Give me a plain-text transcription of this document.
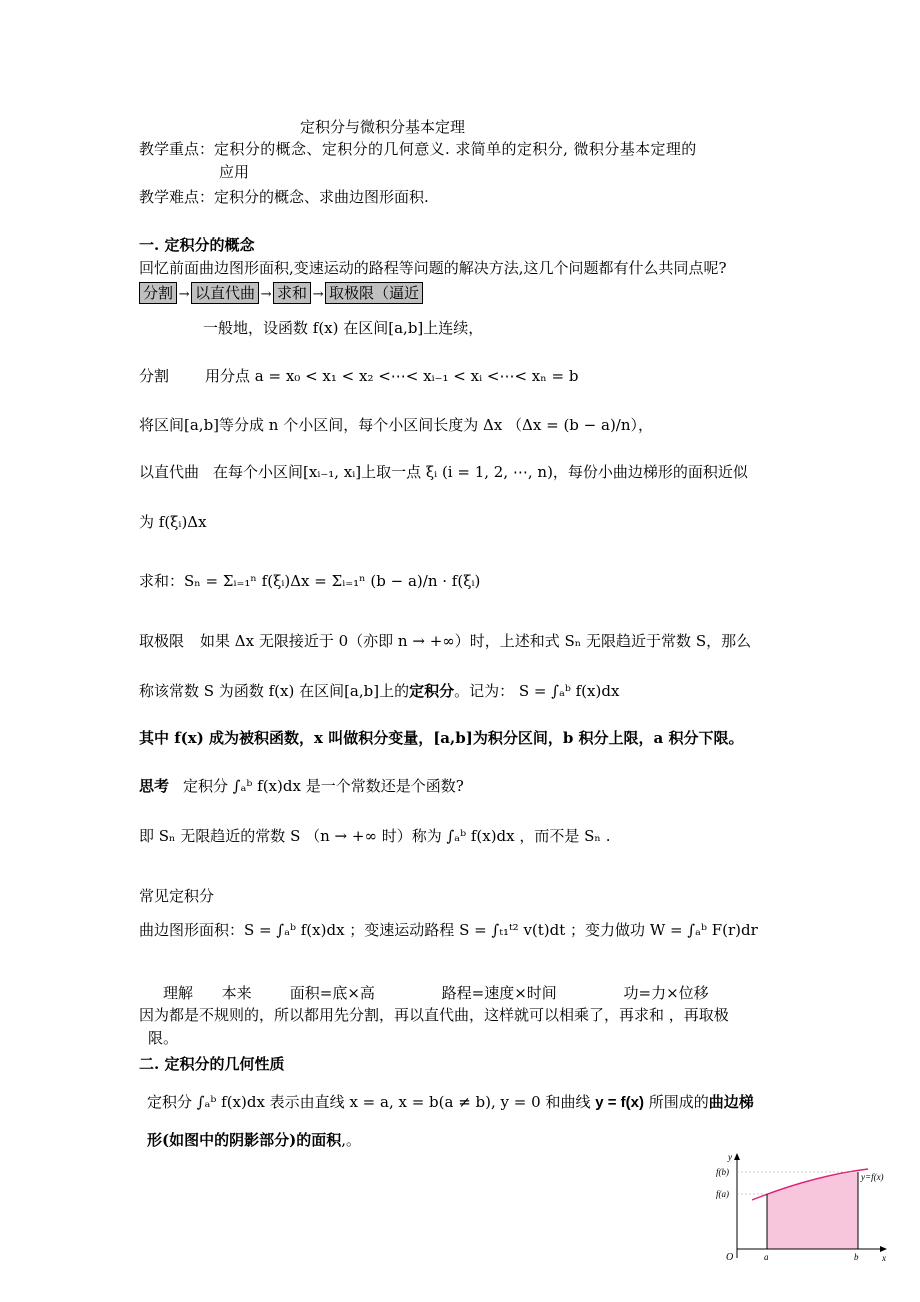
定积分与微积分基本定理
教学重点：定积分的概念、定积分的几何意义. 求简单的定积分, 微积分基本定理的
应用
教学难点：定积分的概念、求曲边图形面积.
一. 定积分的概念
回忆前面曲边图形面积,变速运动的路程等问题的解决方法,这几个问题都有什么共同点呢?
分割 → 以直代曲 → 求和 → 取极限（逼近
一般地，设函数 f(x) 在区间[a,b]上连续，
分割 用分点 a = x₀ < x₁ < x₂ <⋯< xᵢ₋₁ < xᵢ <⋯< xₙ = b
将区间[a,b]等分成 n 个小区间，每个小区间长度为 Δx （Δx = (b − a)/n），
以直代曲 在每个小区间[xᵢ₋₁, xᵢ]上取一点 ξᵢ (i = 1, 2, ⋯, n)，每份小曲边梯形的面积近似
为 f(ξᵢ)Δx
求和：Sₙ = Σᵢ₌₁ⁿ f(ξᵢ)Δx = Σᵢ₌₁ⁿ (b − a)/n · f(ξᵢ)
取极限 如果 Δx 无限接近于 0（亦即 n → +∞）时，上述和式 Sₙ 无限趋近于常数 S，那么
称该常数 S 为函数 f(x) 在区间[a,b]上的定积分。记为： S = ∫ₐᵇ f(x)dx
其中 f(x) 成为被积函数，x 叫做积分变量，[a,b]为积分区间，b 积分上限，a 积分下限。
思考 定积分 ∫ₐᵇ f(x)dx 是一个常数还是个函数?
即 Sₙ 无限趋近的常数 S （n → +∞ 时）称为 ∫ₐᵇ f(x)dx ，而不是 Sₙ .
常见定积分
曲边图形面积：S = ∫ₐᵇ f(x)dx ；变速运动路程 S = ∫ₜ₁ᵗ² v(t)dt ；变力做功 W = ∫ₐᵇ F(r)dr
理解      本来        面积=底×高              路程=速度×时间              功=力×位移
因为都是不规则的，所以都用先分割，再以直代曲，这样就可以相乘了，再求和 ，再取极
限。
二. 定积分的几何性质
定积分 ∫ₐᵇ f(x)dx 表示由直线 x = a, x = b(a ≠ b), y = 0 和曲线 y = f(x) 所围成的曲边梯
形(如图中的阴影部分)的面积,。
y
x
O	a	b
f(b)
f(a)
y=f(x)
